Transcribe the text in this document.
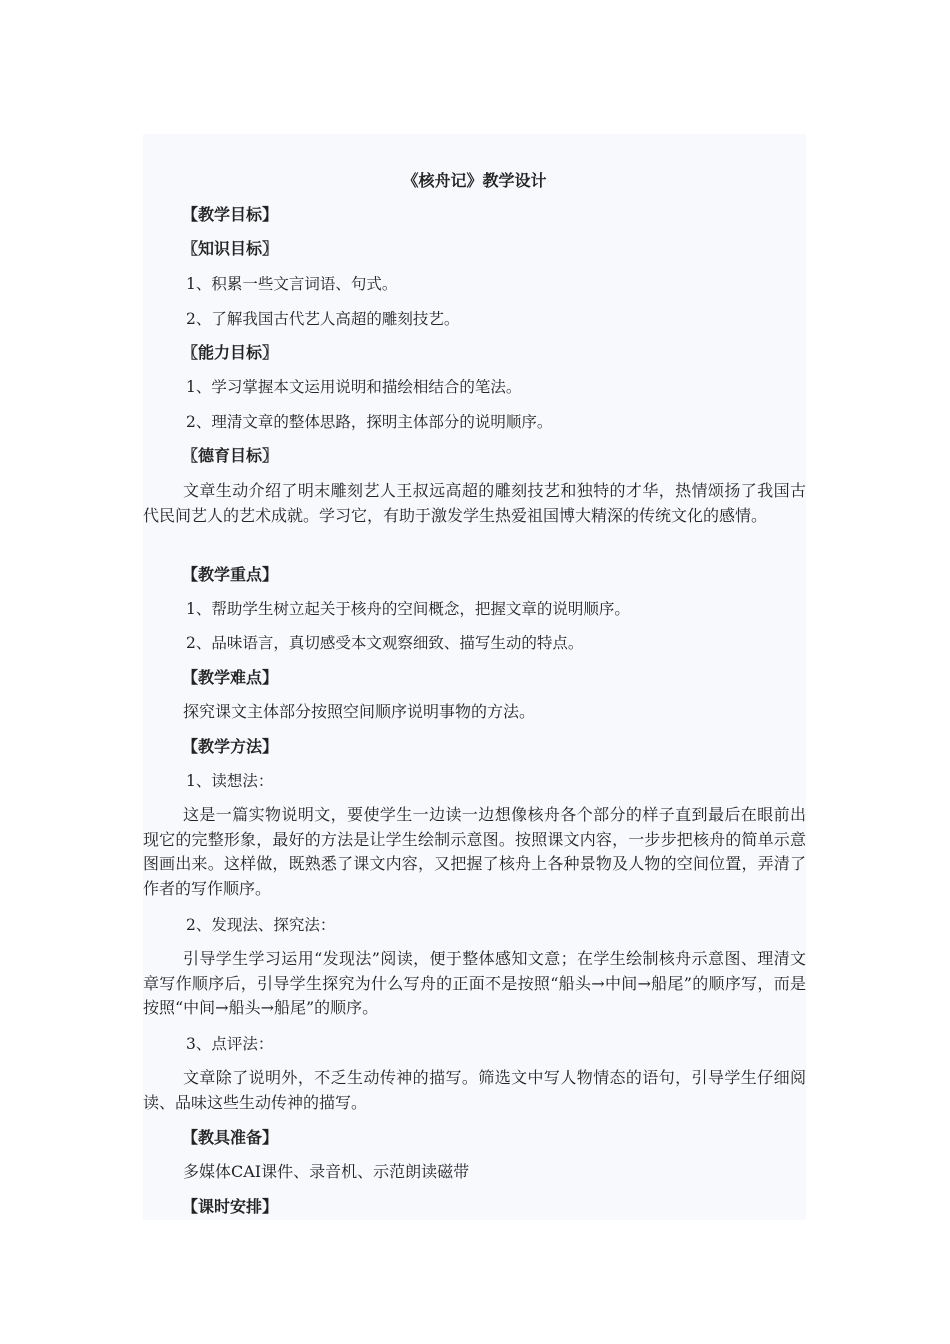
《核舟记》教学设计
【教学目标】
〖知识目标〗
1、积累一些文言词语、句式。
2、了解我国古代艺人高超的雕刻技艺。
〖能力目标〗
1、学习掌握本文运用说明和描绘相结合的笔法。
2、理清文章的整体思路，探明主体部分的说明顺序。
〖德育目标〗
文章生动介绍了明末雕刻艺人王叔远高超的雕刻技艺和独特的才华，热情颂扬了我国古代民间艺人的艺术成就。学习它，有助于激发学生热爱祖国博大精深的传统文化的感情。
【教学重点】
1、帮助学生树立起关于核舟的空间概念，把握文章的说明顺序。
2、品味语言，真切感受本文观察细致、描写生动的特点。
【教学难点】
探究课文主体部分按照空间顺序说明事物的方法。
【教学方法】
1、读想法：
这是一篇实物说明文，要使学生一边读一边想像核舟各个部分的样子直到最后在眼前出现它的完整形象，最好的方法是让学生绘制示意图。按照课文内容，一步步把核舟的简单示意图画出来。这样做，既熟悉了课文内容，又把握了核舟上各种景物及人物的空间位置，弄清了作者的写作顺序。
2、发现法、探究法：
引导学生学习运用“发现法”阅读，便于整体感知文意；在学生绘制核舟示意图、理清文章写作顺序后，引导学生探究为什么写舟的正面不是按照“船头→中间→船尾”的顺序写，而是按照“中间→船头→船尾”的顺序。
3、点评法：
文章除了说明外，不乏生动传神的描写。筛选文中写人物情态的语句，引导学生仔细阅读、品味这些生动传神的描写。
【教具准备】
多媒体CAI课件、录音机、示范朗读磁带
【课时安排】
